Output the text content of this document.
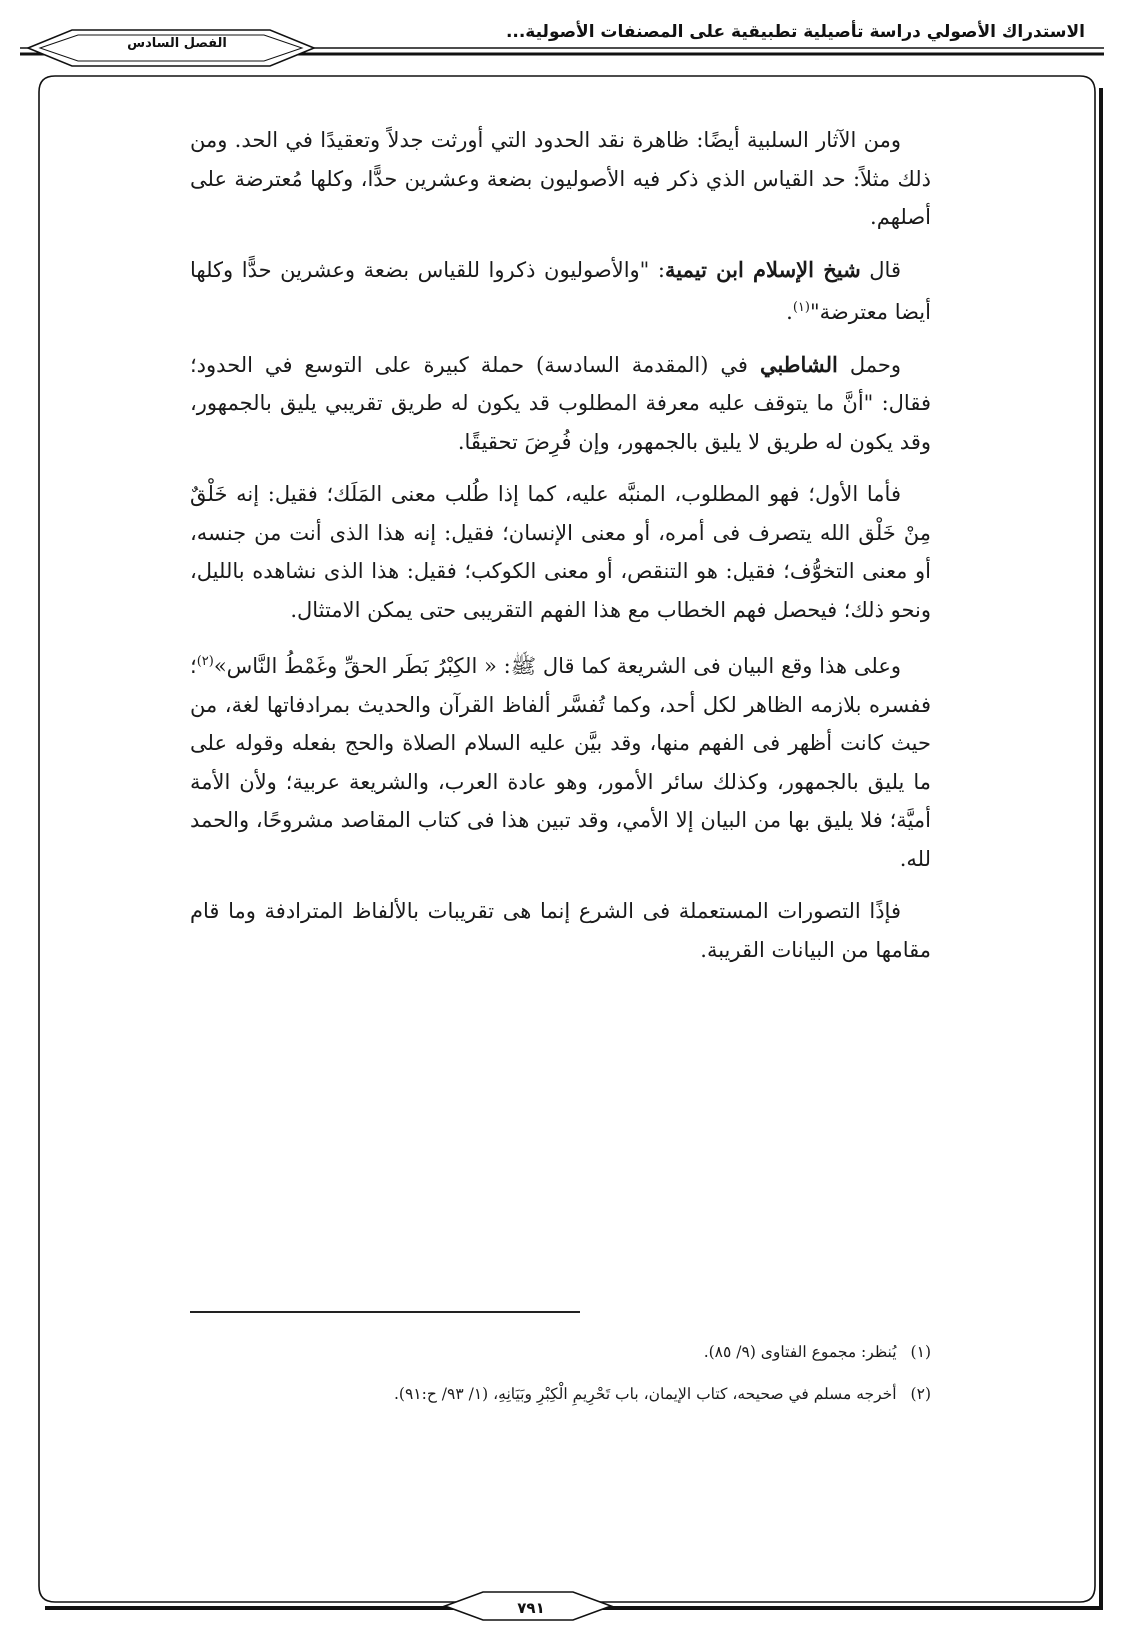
الاستدراك الأصولي دراسة تأصيلية تطبيقية على المصنفات الأصولية...
الفصل السادس

ومن الآثار السلبية أيضًا: ظاهرة نقد الحدود التي أورثت جدلاً وتعقيدًا في الحد. ومن ذلك مثلاً: حد القياس الذي ذكر فيه الأصوليون بضعة وعشرين حدًّا، وكلها مُعترضة على أصلهم.

قال شيخ الإسلام ابن تيمية: "والأصوليون ذكروا للقياس بضعة وعشرين حدًّا وكلها أيضا معترضة"$^{(١)}$.

وحمل الشاطبي في (المقدمة السادسة) حملة كبيرة على التوسع في الحدود؛ فقال: "أنَّ ما يتوقف عليه معرفة المطلوب قد يكون له طريق تقريبي يليق بالجمهور، وقد يكون له طريق لا يليق بالجمهور، وإن فُرِضَ تحقيقًا.

فأما الأول؛ فهو المطلوب، المنبَّه عليه، كما إذا طُلب معنى المَلَك؛ فقيل: إنه خَلْقٌ مِنْ خَلْق الله يتصرف فى أمره، أو معنى الإنسان؛ فقيل: إنه هذا الذى أنت من جنسه، أو معنى التخوُّف؛ فقيل: هو التنقص، أو معنى الكوكب؛ فقيل: هذا الذى نشاهده بالليل، ونحو ذلك؛ فيحصل فهم الخطاب مع هذا الفهم التقريبى حتى يمكن الامتثال.

وعلى هذا وقع البيان فى الشريعة كما قال ﷺ: « الكِبْرُ بَطَر الحقِّ وغَمْطُ النَّاس»$^{(٢)}$؛ ففسره بلازمه الظاهر لكل أحد، وكما تُفسَّر ألفاظ القرآن والحديث بمرادفاتها لغة، من حيث كانت أظهر فى الفهم منها، وقد بيَّن عليه السلام الصلاة والحج بفعله وقوله على ما يليق بالجمهور، وكذلك سائر الأمور، وهو عادة العرب، والشريعة عربية؛ ولأن الأمة أميَّة؛ فلا يليق بها من البيان إلا الأمي، وقد تبين هذا فى كتاب المقاصد مشروحًا، والحمد لله.

فإذًا التصورات المستعملة فى الشرع إنما هى تقريبات بالألفاظ المترادفة وما قام مقامها من البيانات القريبة.

(١)يُنظر: مجموع الفتاوى (٩/ ٨٥).
(٢)أخرجه مسلم في صحيحه، كتاب الإيمان، باب تَحْرِيمِ الْكِبْرِ وبَيَانِهِ، (١/ ٩٣/ ح:٩١).
٧٩١
